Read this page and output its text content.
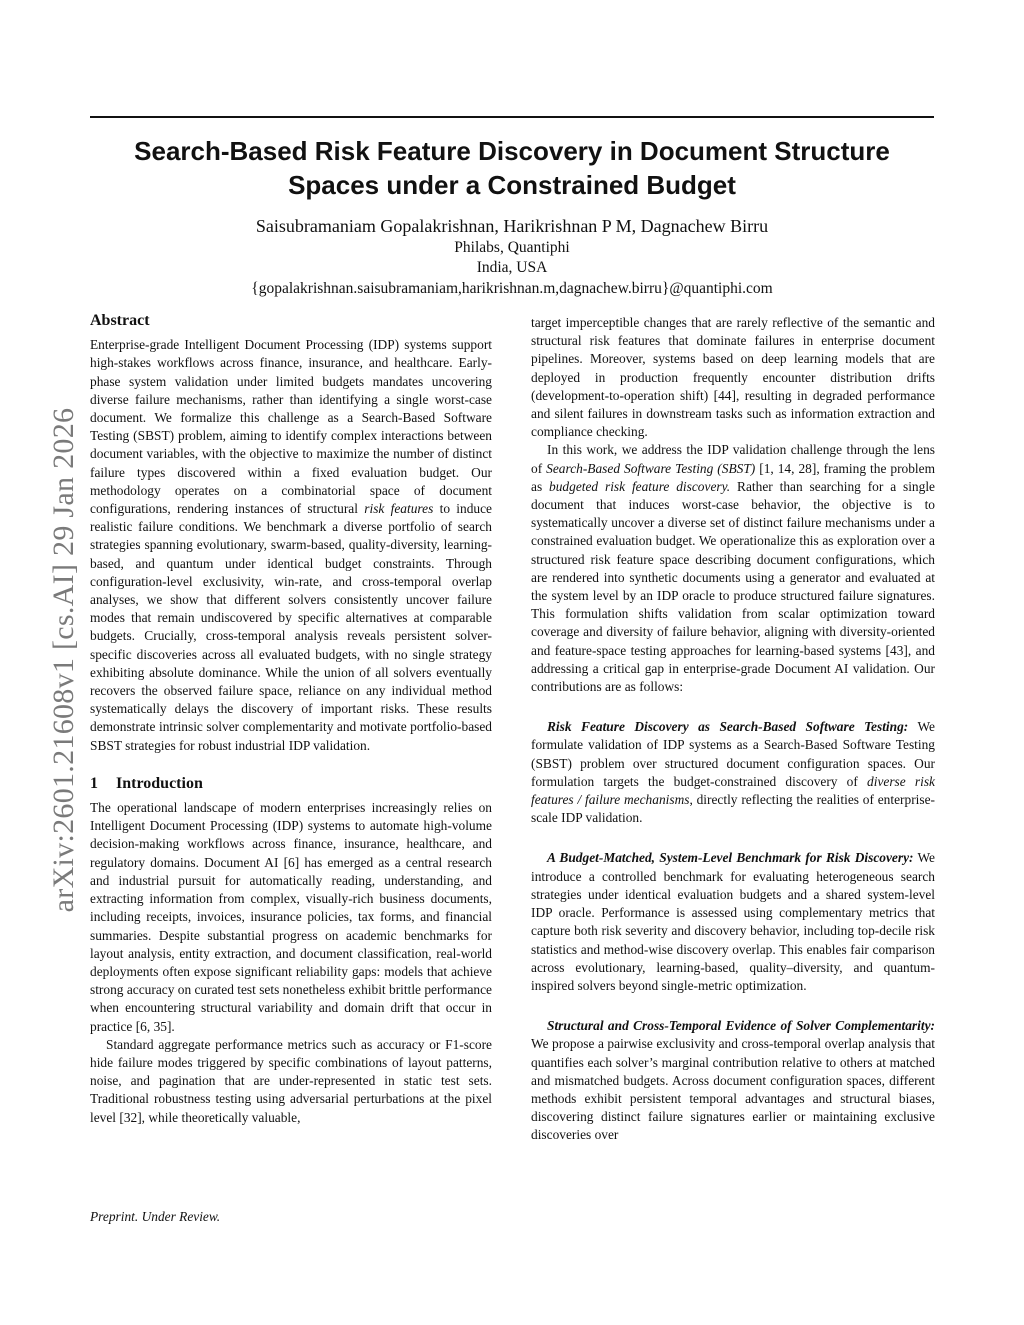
arXiv:2601.21608v1 [cs.AI] 29 Jan 2026
Search-Based Risk Feature Discovery in Document Structure
Spaces under a Constrained Budget
Saisubramaniam Gopalakrishnan, Harikrishnan P M, Dagnachew Birru
Philabs, Quantiphi
India, USA
{gopalakrishnan.saisubramaniam,harikrishnan.m,dagnachew.birru}@quantiphi.com
Abstract

Enterprise-grade Intelligent Document Processing (IDP) systems support high-stakes workflows across finance, insurance, and healthcare. Early-phase system validation under limited budgets mandates uncovering diverse failure mechanisms, rather than identifying a single worst-case document. We formalize this challenge as a Search-Based Software Testing (SBST) problem, aiming to identify complex interactions between document variables, with the objective to maximize the number of distinct failure types discovered within a fixed evaluation budget. Our methodology operates on a combinatorial space of document configurations, rendering instances of structural risk features to induce realistic failure conditions. We benchmark a diverse portfolio of search strategies spanning evolutionary, swarm-based, quality-diversity, learning-based, and quantum under identical budget constraints. Through configuration-level exclusivity, win-rate, and cross-temporal overlap analyses, we show that different solvers consistently uncover failure modes that remain undiscovered by specific alternatives at comparable budgets. Crucially, cross-temporal analysis reveals persistent solver-specific discoveries across all evaluated budgets, with no single strategy exhibiting absolute dominance. While the union of all solvers eventually recovers the observed failure space, reliance on any individual method systematically delays the discovery of important risks. These results demonstrate intrinsic solver complementarity and motivate portfolio-based SBST strategies for robust industrial IDP validation.

1 Introduction

The operational landscape of modern enterprises increasingly relies on Intelligent Document Processing (IDP) systems to automate high-volume decision-making workflows across finance, insurance, healthcare, and regulatory domains. Document AI [6] has emerged as a central research and industrial pursuit for automatically reading, understanding, and extracting information from complex, visually-rich business documents, including receipts, invoices, insurance policies, tax forms, and financial summaries. Despite substantial progress on academic benchmarks for layout analysis, entity extraction, and document classification, real-world deployments often expose significant reliability gaps: models that achieve strong accuracy on curated test sets nonetheless exhibit brittle performance when encountering structural variability and domain drift that occur in practice [6, 35].

Standard aggregate performance metrics such as accuracy or F1-score hide failure modes triggered by specific combinations of layout patterns, noise, and pagination that are under-represented in static test sets. Traditional robustness testing using adversarial perturbations at the pixel level [32], while theoretically valuable,

target imperceptible changes that are rarely reflective of the semantic and structural risk features that dominate failures in enterprise document pipelines. Moreover, systems based on deep learning models that are deployed in production frequently encounter distribution drifts (development-to-operation shift) [44], resulting in degraded performance and silent failures in downstream tasks such as information extraction and compliance checking.

In this work, we address the IDP validation challenge through the lens of Search-Based Software Testing (SBST) [1, 14, 28], framing the problem as budgeted risk feature discovery. Rather than searching for a single document that induces worst-case behavior, the objective is to systematically uncover a diverse set of distinct failure mechanisms under a constrained evaluation budget. We operationalize this as exploration over a structured risk feature space describing document configurations, which are rendered into synthetic documents using a generator and evaluated at the system level by an IDP oracle to produce structured failure signatures. This formulation shifts validation from scalar optimization toward coverage and diversity of failure behavior, aligning with diversity-oriented and feature-space testing approaches for learning-based systems [43], and addressing a critical gap in enterprise-grade Document AI validation. Our contributions are as follows:

Risk Feature Discovery as Search-Based Software Testing: We formulate validation of IDP systems as a Search-Based Software Testing (SBST) problem over structured document configuration spaces. Our formulation targets the budget-constrained discovery of diverse risk features / failure mechanisms, directly reflecting the realities of enterprise-scale IDP validation.

A Budget-Matched, System-Level Benchmark for Risk Discovery: We introduce a controlled benchmark for evaluating heterogeneous search strategies under identical evaluation budgets and a shared system-level IDP oracle. Performance is assessed using complementary metrics that capture both risk severity and discovery behavior, including top-decile risk statistics and method-wise discovery overlap. This enables fair comparison across evolutionary, learning-based, quality–diversity, and quantum-inspired solvers beyond single-metric optimization.

Structural and Cross-Temporal Evidence of Solver Complementarity: We propose a pairwise exclusivity and cross-temporal overlap analysis that quantifies each solver’s marginal contribution relative to others at matched and mismatched budgets. Across document configuration spaces, different methods exhibit persistent temporal advantages and structural biases, discovering distinct failure signatures earlier or maintaining exclusive discoveries over

Preprint. Under Review.
